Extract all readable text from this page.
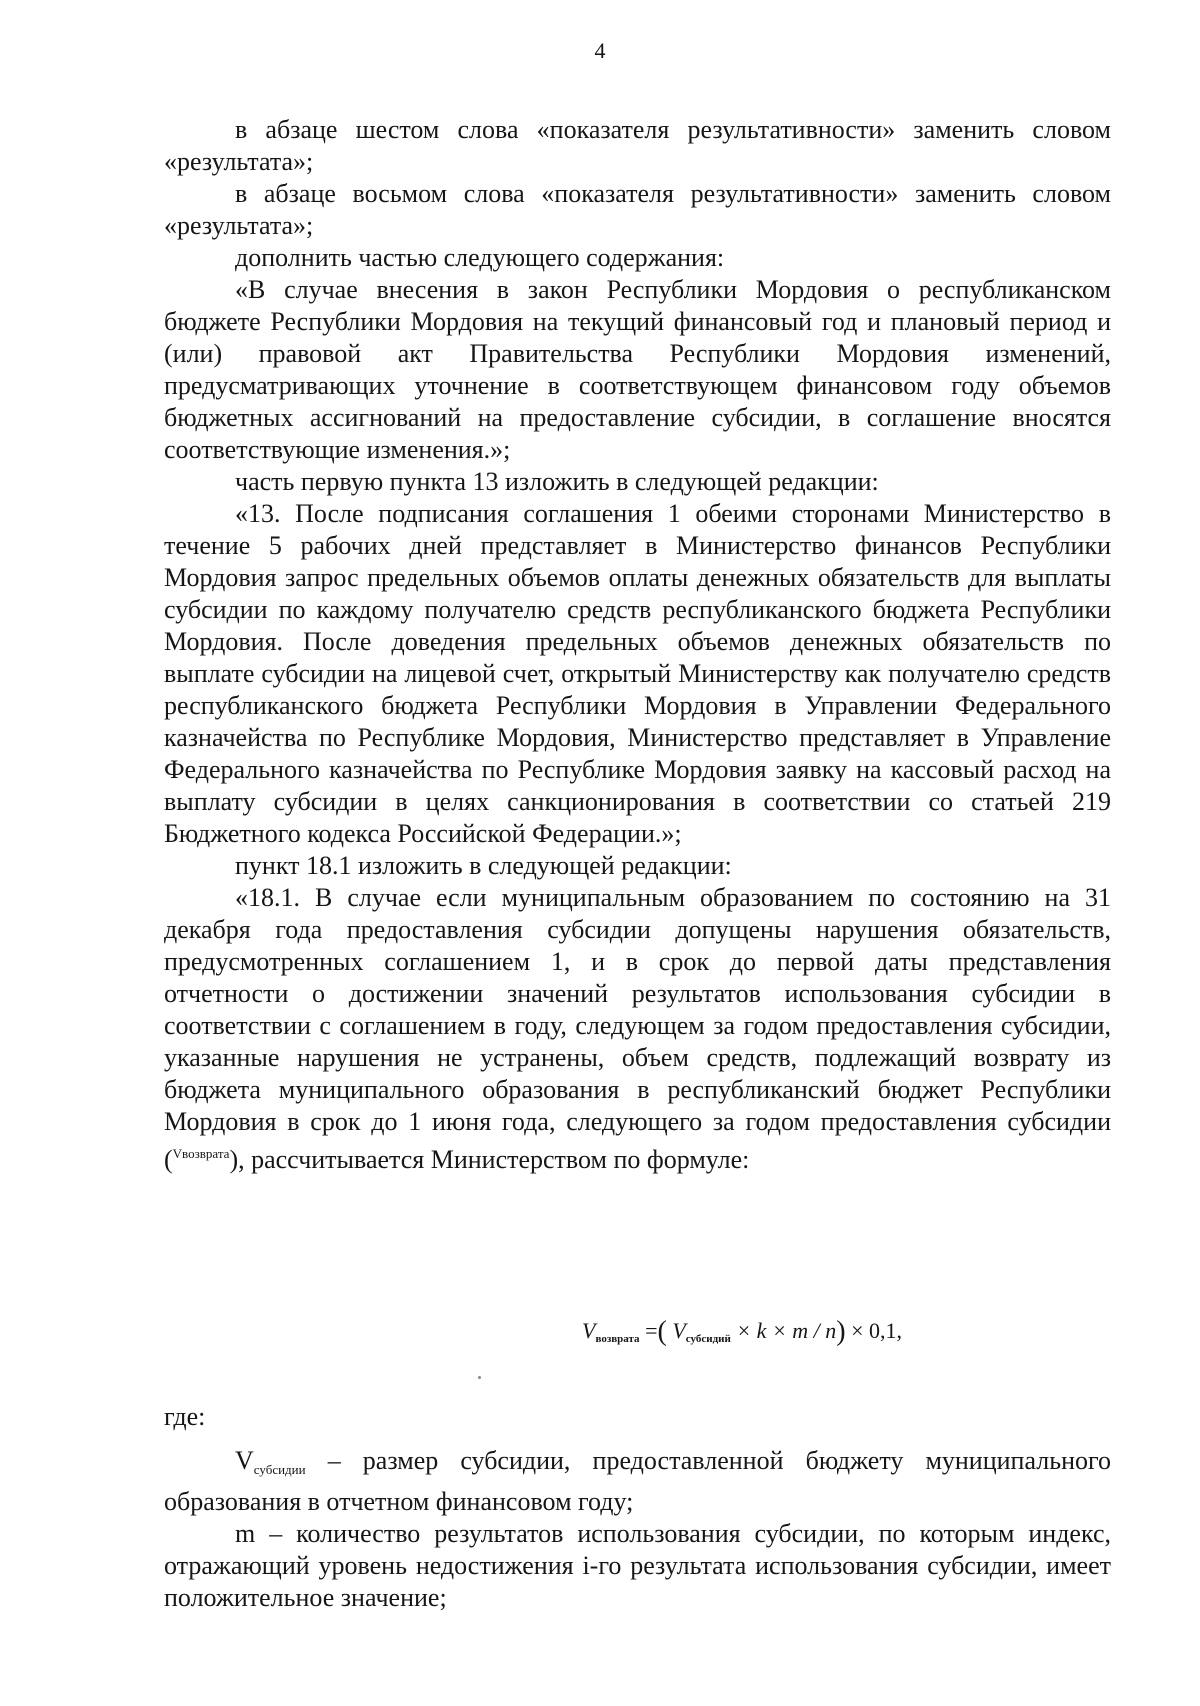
4

в абзаце шестом слова «показателя результативности» заменить словом «результата»;

в абзаце восьмом слова «показателя результативности» заменить словом «результата»;

дополнить частью следующего содержания:

«В случае внесения в закон Республики Мордовия о республиканском бюджете Республики Мордовия на текущий финансовый год и плановый период и (или) правовой акт Правительства Республики Мордовия изменений, предусматривающих уточнение в соответствующем финансовом году объемов бюджетных ассигнований на предоставление субсидии, в соглашение вносятся соответствующие изменения.»;

часть первую пункта 13 изложить в следующей редакции:

«13. После подписания соглашения 1 обеими сторонами Министерство в течение 5 рабочих дней представляет в Министерство финансов Республики Мордовия запрос предельных объемов оплаты денежных обязательств для выплаты субсидии по каждому получателю средств республиканского бюджета Республики Мордовия. После доведения предельных объемов денежных обязательств по выплате субсидии на лицевой счет, открытый Министерству как получателю средств республиканского бюджета Республики Мордовия в Управлении Федерального казначейства по Республике Мордовия, Министерство представляет в Управление Федерального казначейства по Республике Мордовия заявку на кассовый расход на выплату субсидии в целях санкционирования в соответствии со статьей 219 Бюджетного кодекса Российской Федерации.»;

пункт 18.1 изложить в следующей редакции:

«18.1. В случае если муниципальным образованием по состоянию на 31 декабря года предоставления субсидии допущены нарушения обязательств, предусмотренных соглашением 1, и в срок до первой даты представления отчетности о достижении значений результатов использования субсидии в соответствии с соглашением в году, следующем за годом предоставления субсидии, указанные нарушения не устранены, объем средств, подлежащий возврату из бюджета муниципального образования в республиканский бюджет Республики Мордовия в срок до 1 июня года, следующего за годом предоставления субсидии ($^{Vвозврата}$), рассчитывается Министерством по формуле:

$V_{возврата}$ =( $V_{субсидий} \times k \times m / n) \times 0,1$,

где:

Vсубсидии – размер субсидии, предоставленной бюджету муниципального образования в отчетном финансовом году;

m – количество результатов использования субсидии, по которым индекс, отражающий уровень недостижения i-го результата использования субсидии, имеет положительное значение;
